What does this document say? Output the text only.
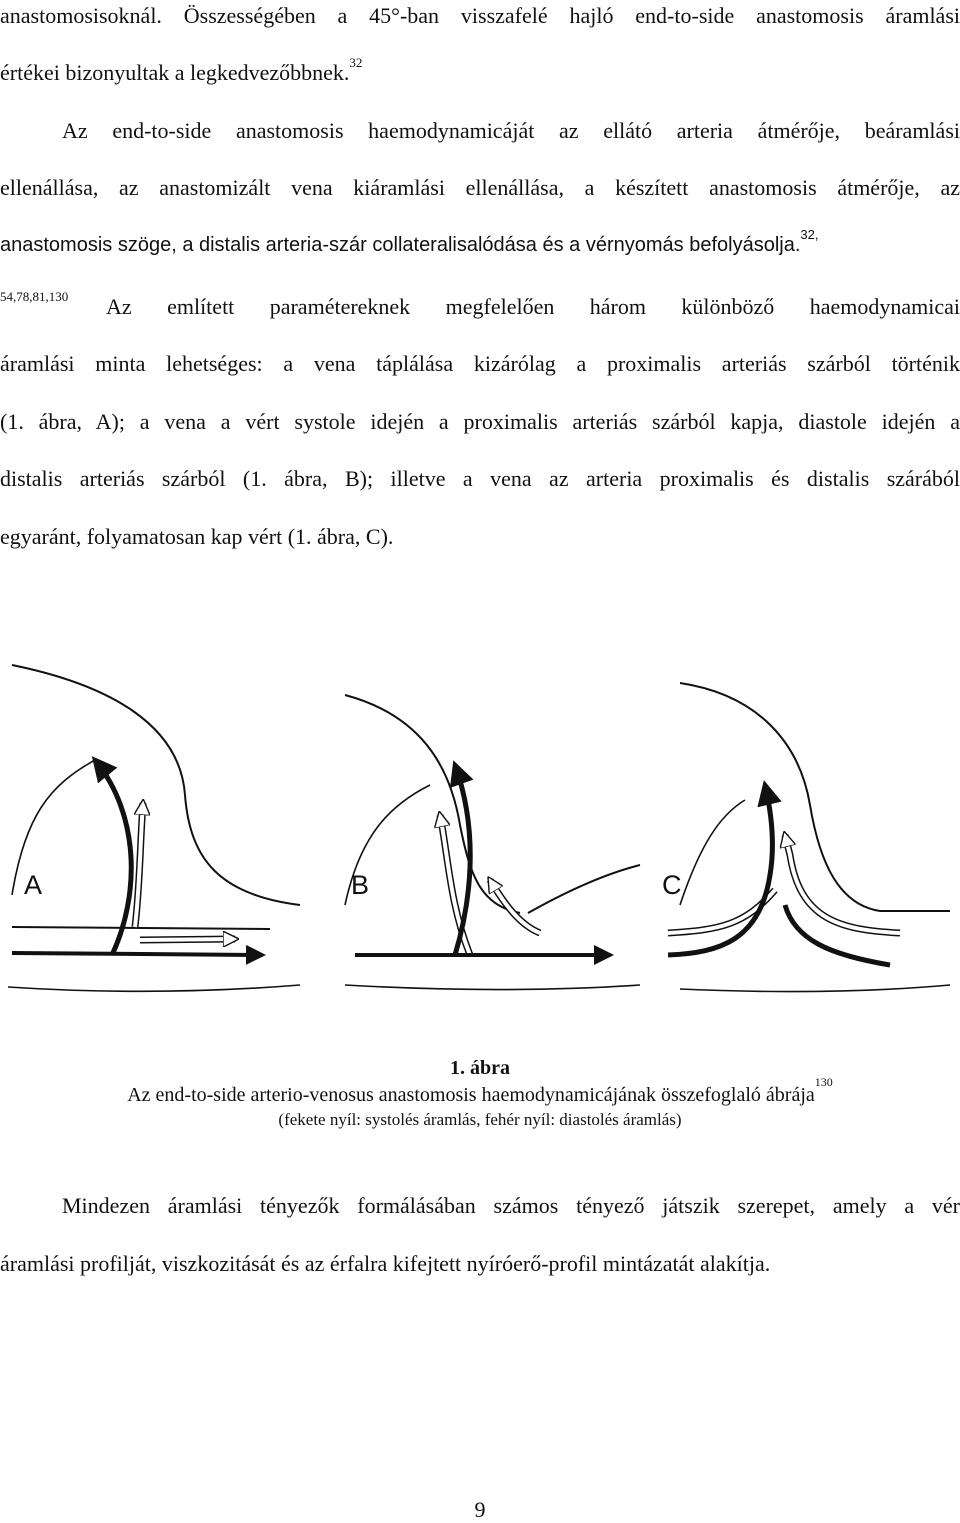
anastomosisoknál. Összességében a 45°-ban visszafelé hajló end-to-side anastomosis áramlási
értékei bizonyultak a legkedvezőbbnek.$^{32}$
Az end-to-side anastomosis haemodynamicáját az ellátó arteria átmérője, beáramlási
ellenállása, az anastomizált vena kiáramlási ellenállása, a készített anastomosis átmérője, az
anastomosis szöge, a distalis arteria-szár collateralisalódása és a vérnyomás befolyásolja.$^{32,}$
54,78,81,130 Az említett paramétereknek megfelelően három különböző haemodynamicai
áramlási minta lehetséges: a vena táplálása kizárólag a proximalis arteriás szárból történik
(1. ábra, A); a vena a vért systole idején a proximalis arteriás szárból kapja, diastole idején a
distalis arteriás szárból (1. ábra, B); illetve a vena az arteria proximalis és distalis szárából
egyaránt, folyamatosan kap vért (1. ábra, C).
A	B	C
1. ábra
Az end-to-side arterio-venosus anastomosis haemodynamicájának összefoglaló ábrája$^{130}$
(fekete nyíl: systolés áramlás, fehér nyíl: diastolés áramlás)
Mindezen áramlási tényezők formálásában számos tényező játszik szerepet, amely a vér
áramlási profilját, viszkozitását és az érfalra kifejtett nyíróerő-profil mintázatát alakítja.
9
